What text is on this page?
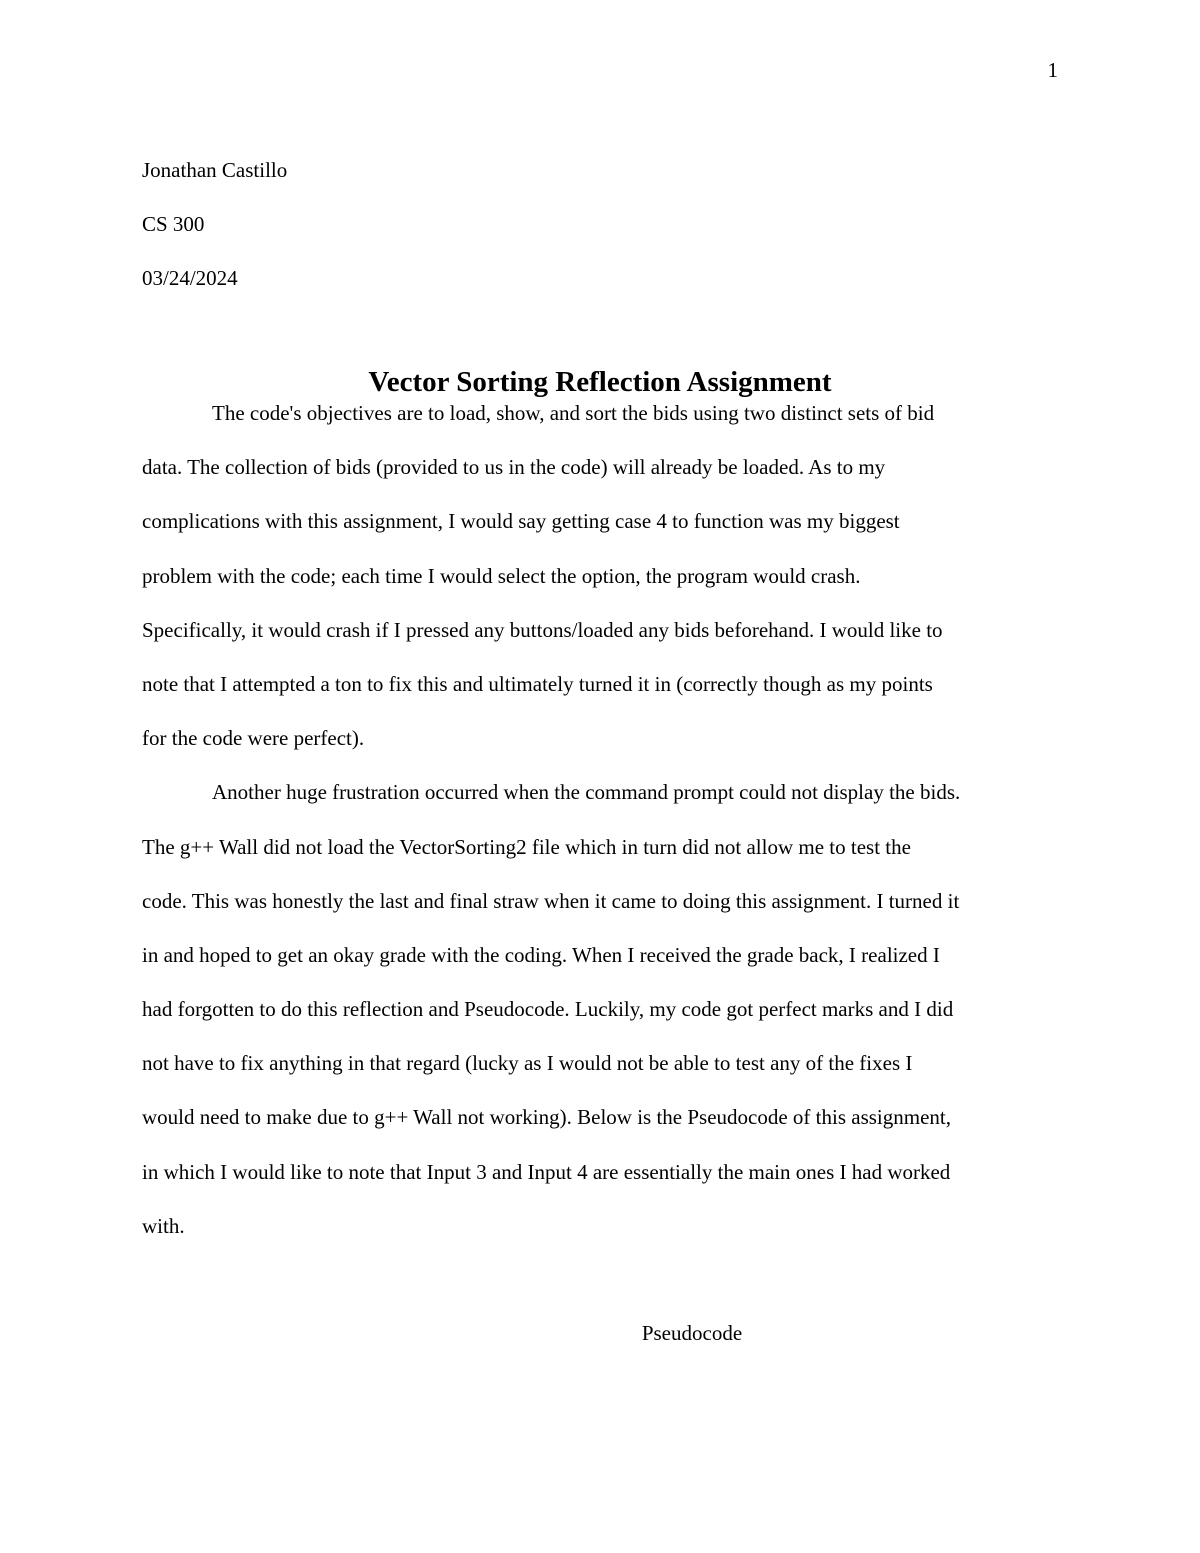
1
Jonathan Castillo
CS 300
03/24/2024
Vector Sorting Reflection Assignment
The code's objectives are to load, show, and sort the bids using two distinct sets of bid
data. The collection of bids (provided to us in the code) will already be loaded. As to my
complications with this assignment, I would say getting case 4 to function was my biggest
problem with the code; each time I would select the option, the program would crash.
Specifically, it would crash if I pressed any buttons/loaded any bids beforehand. I would like to
note that I attempted a ton to fix this and ultimately turned it in (correctly though as my points
for the code were perfect).
Another huge frustration occurred when the command prompt could not display the bids.
The g++ Wall did not load the VectorSorting2 file which in turn did not allow me to test the
code. This was honestly the last and final straw when it came to doing this assignment. I turned it
in and hoped to get an okay grade with the coding. When I received the grade back, I realized I
had forgotten to do this reflection and Pseudocode. Luckily, my code got perfect marks and I did
not have to fix anything in that regard (lucky as I would not be able to test any of the fixes I
would need to make due to g++ Wall not working). Below is the Pseudocode of this assignment,
in which I would like to note that Input 3 and Input 4 are essentially the main ones I had worked
with.
Pseudocode
